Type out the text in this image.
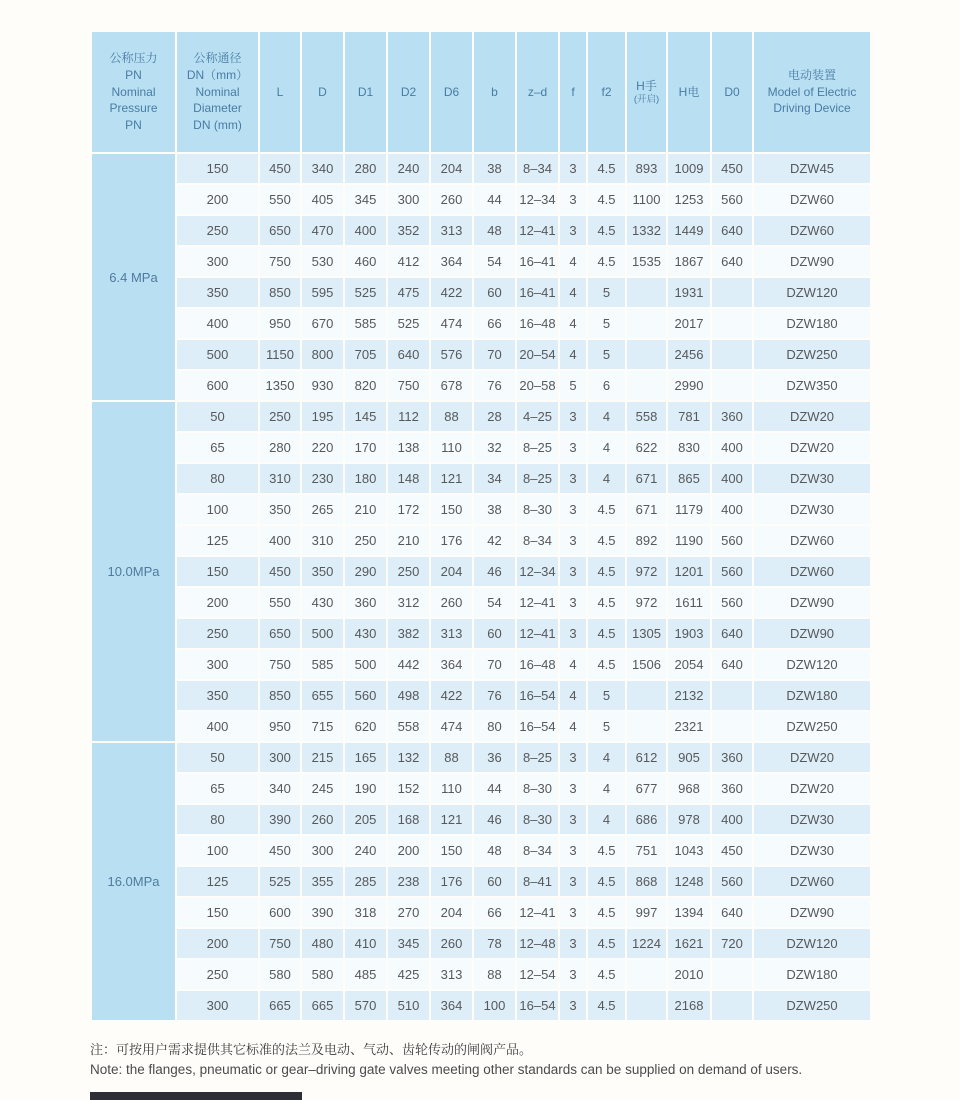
公称压力
PN
Nominal
Pressure
PN	公称通径
DN（mm）
Nominal
Diameter
DN (mm)	L	D	D1	D2	D6	b	z–d	f	f2	H手
(开启)	H电	D0	电动装置
Model of Electric
Driving Device

6.4 MPa	150	450	340	280	240	204	38	8–34	3	4.5	893	1009	450	DZW45
	200	550	405	345	300	260	44	12–34	3	4.5	1100	1253	560	DZW60
	250	650	470	400	352	313	48	12–41	3	4.5	1332	1449	640	DZW60
	300	750	530	460	412	364	54	16–41	4	4.5	1535	1867	640	DZW90
	350	850	595	525	475	422	60	16–41	4	5		1931		DZW120
	400	950	670	585	525	474	66	16–48	4	5		2017		DZW180
	500	1150	800	705	640	576	70	20–54	4	5		2456		DZW250
	600	1350	930	820	750	678	76	20–58	5	6		2990		DZW350
10.0MPa	50	250	195	145	112	88	28	4–25	3	4	558	781	360	DZW20
	65	280	220	170	138	110	32	8–25	3	4	622	830	400	DZW20
	80	310	230	180	148	121	34	8–25	3	4	671	865	400	DZW30
	100	350	265	210	172	150	38	8–30	3	4.5	671	1179	400	DZW30
	125	400	310	250	210	176	42	8–34	3	4.5	892	1190	560	DZW60
	150	450	350	290	250	204	46	12–34	3	4.5	972	1201	560	DZW60
	200	550	430	360	312	260	54	12–41	3	4.5	972	1611	560	DZW90
	250	650	500	430	382	313	60	12–41	3	4.5	1305	1903	640	DZW90
	300	750	585	500	442	364	70	16–48	4	4.5	1506	2054	640	DZW120
	350	850	655	560	498	422	76	16–54	4	5		2132		DZW180
	400	950	715	620	558	474	80	16–54	4	5		2321		DZW250
16.0MPa	50	300	215	165	132	88	36	8–25	3	4	612	905	360	DZW20
	65	340	245	190	152	110	44	8–30	3	4	677	968	360	DZW20
	80	390	260	205	168	121	46	8–30	3	4	686	978	400	DZW30
	100	450	300	240	200	150	48	8–34	3	4.5	751	1043	450	DZW30
	125	525	355	285	238	176	60	8–41	3	4.5	868	1248	560	DZW60
	150	600	390	318	270	204	66	12–41	3	4.5	997	1394	640	DZW90
	200	750	480	410	345	260	78	12–48	3	4.5	1224	1621	720	DZW120
	250	580	580	485	425	313	88	12–54	3	4.5		2010		DZW180
	300	665	665	570	510	364	100	16–54	3	4.5		2168		DZW250
注：可按用户需求提供其它标准的法兰及电动、气动、齿轮传动的闸阀产品。
Note: the flanges, pneumatic or gear–driving gate valves meeting other standards can be supplied on demand of users.
